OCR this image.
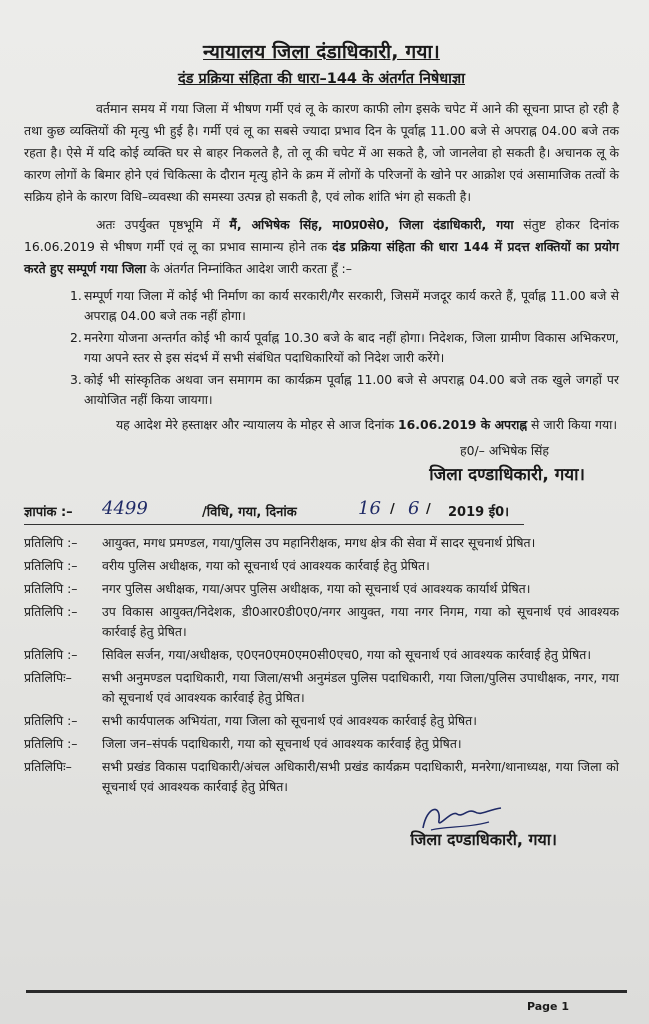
न्यायालय जिला दंडाधिकारी, गया।
दंड प्रक्रिया संहिता की धारा–144 के अंतर्गत निषेधाज्ञा

वर्तमान समय में गया जिला में भीषण गर्मी एवं लू के कारण काफी लोग इसके चपेट में आने की सूचना प्राप्त हो रही है तथा कुछ व्यक्तियों की मृत्यु भी हुई है। गर्मी एवं लू का सबसे ज्यादा प्रभाव दिन के पूर्वाह्न 11.00 बजे से अपराह्न 04.00 बजे तक रहता है। ऐसे में यदि कोई व्यक्ति घर से बाहर निकलते है, तो लू की चपेट में आ सकते है, जो जानलेवा हो सकती है। अचानक लू के कारण लोगों के बिमार होने एवं चिकित्सा के दौरान मृत्यु होने के क्रम में लोगों के परिजनों के खोने पर आक्रोश एवं असामाजिक तत्वों के सक्रिय होने के कारण विधि–व्यवस्था की समस्या उत्पन्न हो सकती है, एवं लोक शांति भंग हो सकती है।

अतः उपर्युक्त पृष्ठभूमि में मैं, अभिषेक सिंह, मा0प्र0से0, जिला दंडाधिकारी, गया संतुष्ट होकर दिनांक 16.06.2019 से भीषण गर्मी एवं लू का प्रभाव सामान्य होने तक दंड प्रक्रिया संहिता की धारा 144 में प्रदत्त शक्तियों का प्रयोग करते हुए सम्पूर्ण गया जिला के अंतर्गत निम्नांकित आदेश जारी करता हूँ :–

1. सम्पूर्ण गया जिला में कोई भी निर्माण का कार्य सरकारी/गैर सरकारी, जिसमें मजदूर कार्य करते हैं, पूर्वाह्न 11.00 बजे से अपराह्न 04.00 बजे तक नहीं होगा।
2. मनरेगा योजना अन्तर्गत कोई भी कार्य पूर्वाह्न 10.30 बजे के बाद नहीं होगा। निदेशक, जिला ग्रामीण विकास अभिकरण, गया अपने स्तर से इस संदर्भ में सभी संबंधित पदाधिकारियों को निदेश जारी करेंगे।
3. कोई भी सांस्कृतिक अथवा जन समागम का कार्यक्रम पूर्वाह्न 11.00 बजे से अपराह्न 04.00 बजे तक खुले जगहों पर आयोजित नहीं किया जायगा।

यह आदेश मेरे हस्ताक्षर और न्यायालय के मोहर से आज दिनांक 16.06.2019 के अपराह्न से जारी किया गया।

ह0/– अभिषेक सिंह
जिला दण्डाधिकारी, गया।
ज्ञापांक :– 4499	/विधि, गया, दिनांक	16 / 6 / 2019 ई0।
प्रतिलिपि :–	आयुक्त, मगध प्रमण्डल, गया/पुलिस उप महानिरीक्षक, मगध क्षेत्र की सेवा में सादर सूचनार्थ प्रेषित।
प्रतिलिपि :–	वरीय पुलिस अधीक्षक, गया को सूचनार्थ एवं आवश्यक कार्रवाई हेतु प्रेषित।
प्रतिलिपि :–	नगर पुलिस अधीक्षक, गया/अपर पुलिस अधीक्षक, गया को सूचनार्थ एवं आवश्यक कार्यार्थ प्रेषित।
प्रतिलिपि :–	उप विकास आयुक्त/निदेशक, डी0आर0डी0ए0/नगर आयुक्त, गया नगर निगम, गया को सूचनार्थ एवं आवश्यक कार्रवाई हेतु प्रेषित।
प्रतिलिपि :–	सिविल सर्जन, गया/अधीक्षक, ए0एन0एम0एम0सी0एच0, गया को सूचनार्थ एवं आवश्यक कार्रवाई हेतु प्रेषित।
प्रतिलिपिः–	सभी अनुमण्डल पदाधिकारी, गया जिला/सभी अनुमंडल पुलिस पदाधिकारी, गया जिला/पुलिस उपाधीक्षक, नगर, गया को सूचनार्थ एवं आवश्यक कार्रवाई हेतु प्रेषित।
प्रतिलिपि :–	सभी कार्यपालक अभियंता, गया जिला को सूचनार्थ एवं आवश्यक कार्रवाई हेतु प्रेषित।
प्रतिलिपि :–	जिला जन–संपर्क पदाधिकारी, गया को सूचनार्थ एवं आवश्यक कार्रवाई हेतु प्रेषित।
प्रतिलिपिः–	सभी प्रखंड विकास पदाधिकारी/अंचल अधिकारी/सभी प्रखंड कार्यक्रम पदाधिकारी, मनरेगा/थानाध्यक्ष, गया जिला को सूचनार्थ एवं आवश्यक कार्रवाई हेतु प्रेषित।
जिला दण्डाधिकारी, गया।
Page 1
